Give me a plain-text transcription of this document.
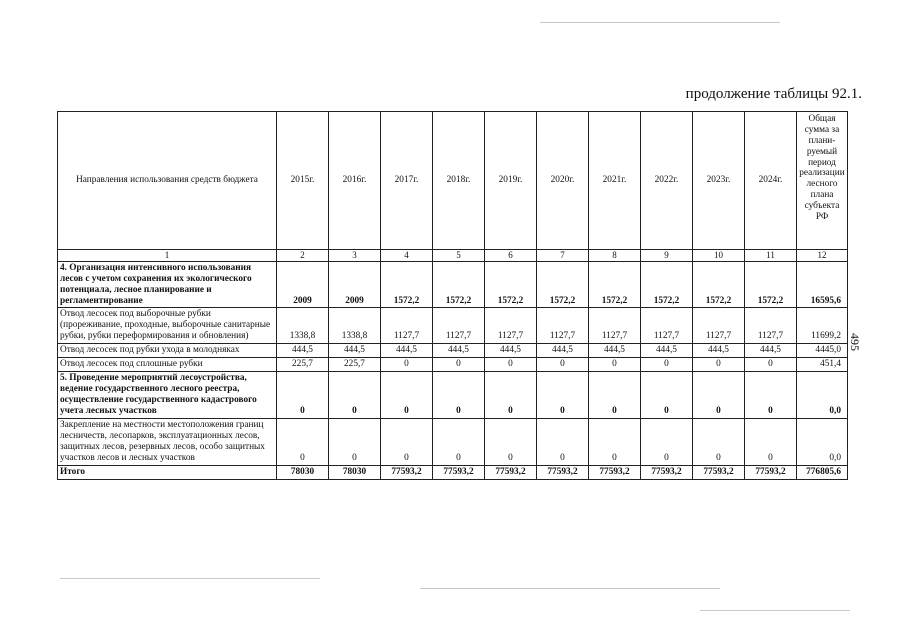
продолжение таблицы 92.1.
495
Направления использования средств бюджета	2015г.	2016г.	2017г.	2018г.	2019г.	2020г.	2021г.	2022г.	2023г.	2024г.	Общая сумма за плани-руемый период реализации лесного плана субъекта РФ
1	2	3	4	5	6	7	8	9	10	11	12
4. Организация интенсивного использования лесов с учетом сохранения их экологического потенциала, лесное планирование и регламентирование	2009	2009	1572,2	1572,2	1572,2	1572,2	1572,2	1572,2	1572,2	1572,2	16595,6
Отвод лесосек под выборочные рубки (прореживание, проходные, выборочные санитарные рубки, рубки переформирования и обновления)	1338,8	1338,8	1127,7	1127,7	1127,7	1127,7	1127,7	1127,7	1127,7	1127,7	11699,2
Отвод лесосек под рубки ухода в молодняках	444,5	444,5	444,5	444,5	444,5	444,5	444,5	444,5	444,5	444,5	4445,0
Отвод лесосек под сплошные рубки	225,7	225,7	0	0	0	0	0	0	0	0	451,4
5. Проведение мероприятий лесоустройства, ведение государственного лесного реестра, осуществление государственного кадастрового учета лесных участков	0	0	0	0	0	0	0	0	0	0	0,0
Закрепление на местности местоположения границ лесничеств, лесопарков, эксплуатационных лесов, защитных лесов, резервных лесов, особо защитных участков лесов и лесных участков	0	0	0	0	0	0	0	0	0	0	0,0
Итого	78030	78030	77593,2	77593,2	77593,2	77593,2	77593,2	77593,2	77593,2	77593,2	776805,6
